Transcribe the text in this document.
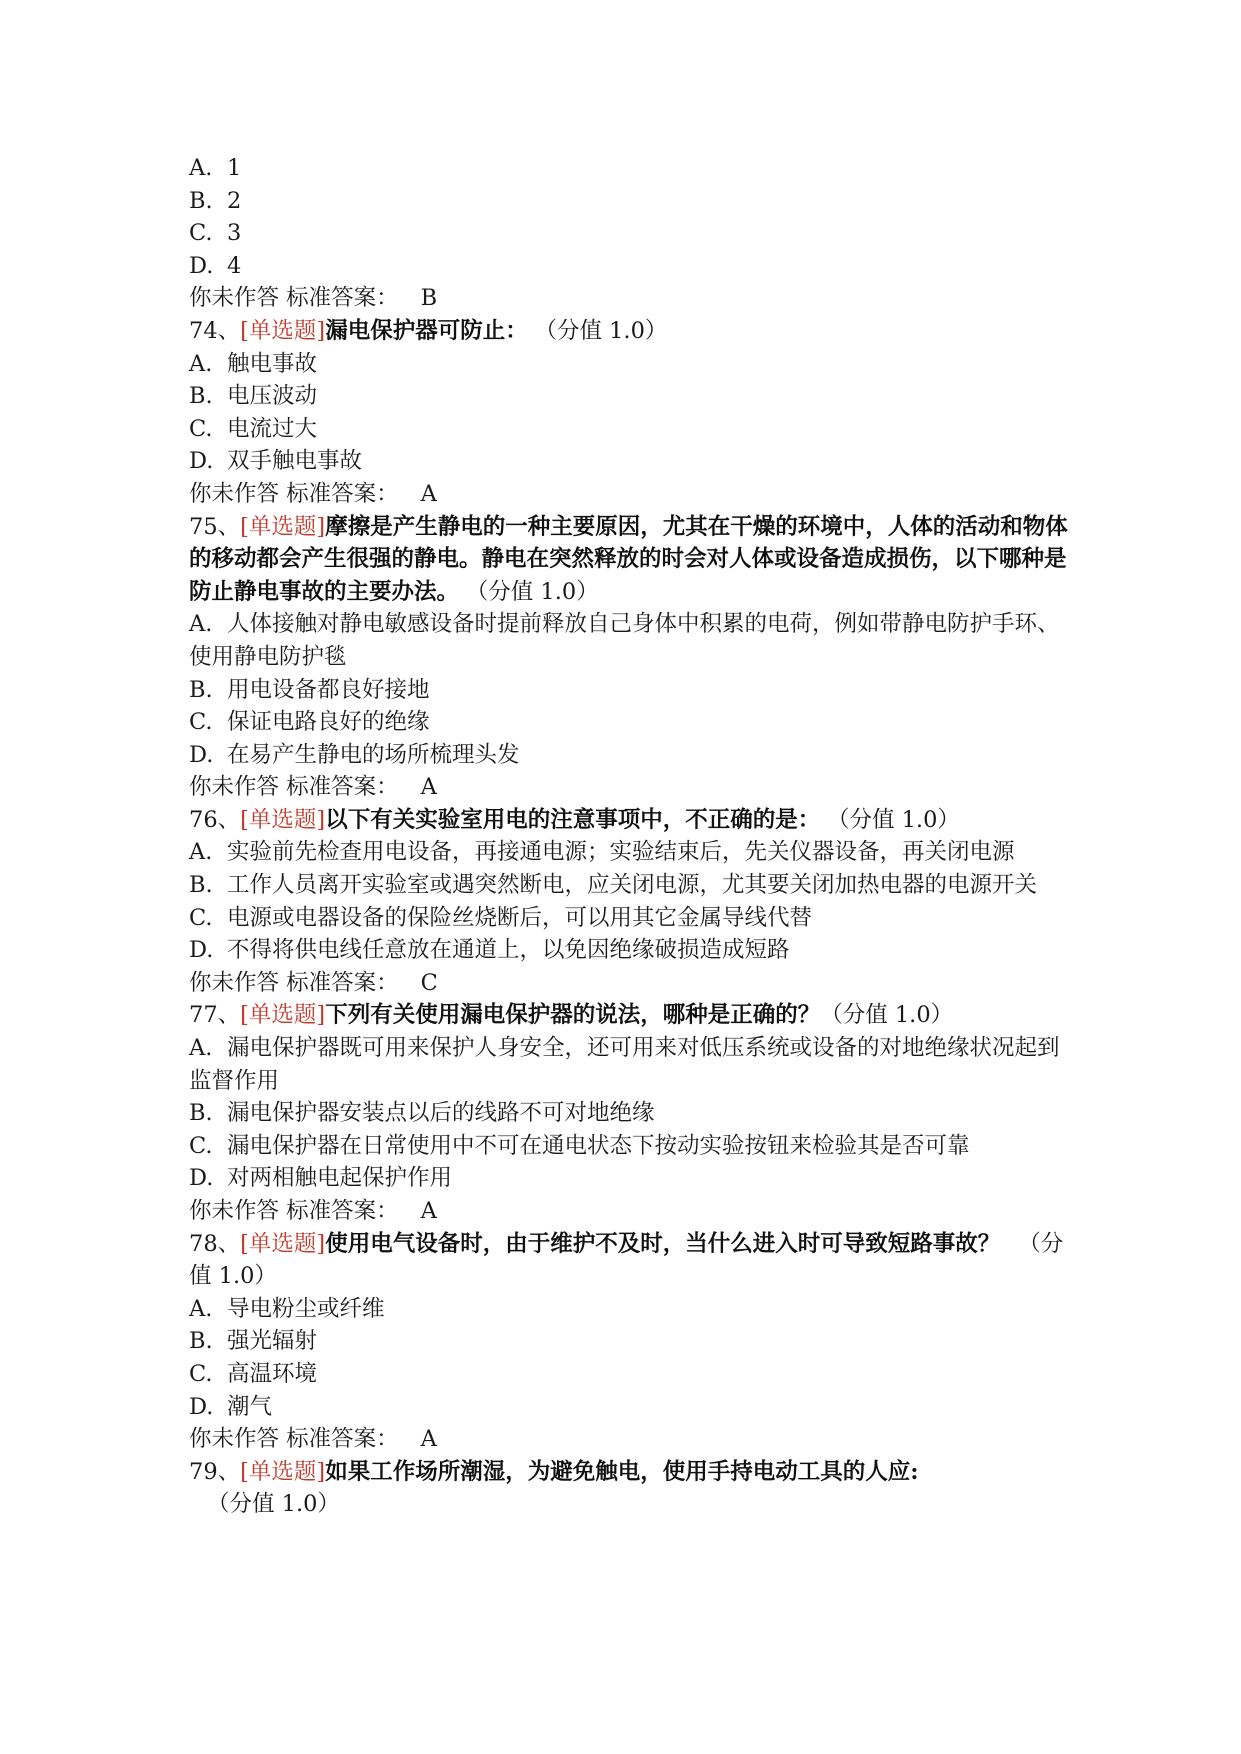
A. 1

B. 2

C. 3

D. 4

你未作答 标准答案： B

74、[单选题]漏电保护器可防止： （分值 1.0）

A. 触电事故

B. 电压波动

C. 电流过大

D. 双手触电事故

你未作答 标准答案： A

75、[单选题]摩擦是产生静电的一种主要原因，尤其在干燥的环境中，人体的活动和物体的移动都会产生很强的静电。静电在突然释放的时会对人体或设备造成损伤，以下哪种是防止静电事故的主要办法。 （分值 1.0）

A. 人体接触对静电敏感设备时提前释放自己身体中积累的电荷，例如带静电防护手环、使用静电防护毯

B. 用电设备都良好接地

C. 保证电路良好的绝缘

D. 在易产生静电的场所梳理头发

你未作答 标准答案： A

76、[单选题]以下有关实验室用电的注意事项中，不正确的是： （分值 1.0）

A. 实验前先检查用电设备，再接通电源；实验结束后，先关仪器设备，再关闭电源

B. 工作人员离开实验室或遇突然断电，应关闭电源，尤其要关闭加热电器的电源开关

C. 电源或电器设备的保险丝烧断后，可以用其它金属导线代替

D. 不得将供电线任意放在通道上，以免因绝缘破损造成短路

你未作答 标准答案： C

77、[单选题]下列有关使用漏电保护器的说法，哪种是正确的？（分值 1.0）

A. 漏电保护器既可用来保护人身安全，还可用来对低压系统或设备的对地绝缘状况起到监督作用

B. 漏电保护器安装点以后的线路不可对地绝缘

C. 漏电保护器在日常使用中不可在通电状态下按动实验按钮来检验其是否可靠

D. 对两相触电起保护作用

你未作答 标准答案： A

78、[单选题]使用电气设备时，由于维护不及时，当什么进入时可导致短路事故？ （分值 1.0）

A. 导电粉尘或纤维

B. 强光辐射

C. 高温环境

D. 潮气

你未作答 标准答案： A

79、[单选题]如果工作场所潮湿，为避免触电，使用手持电动工具的人应:（分值 1.0）
